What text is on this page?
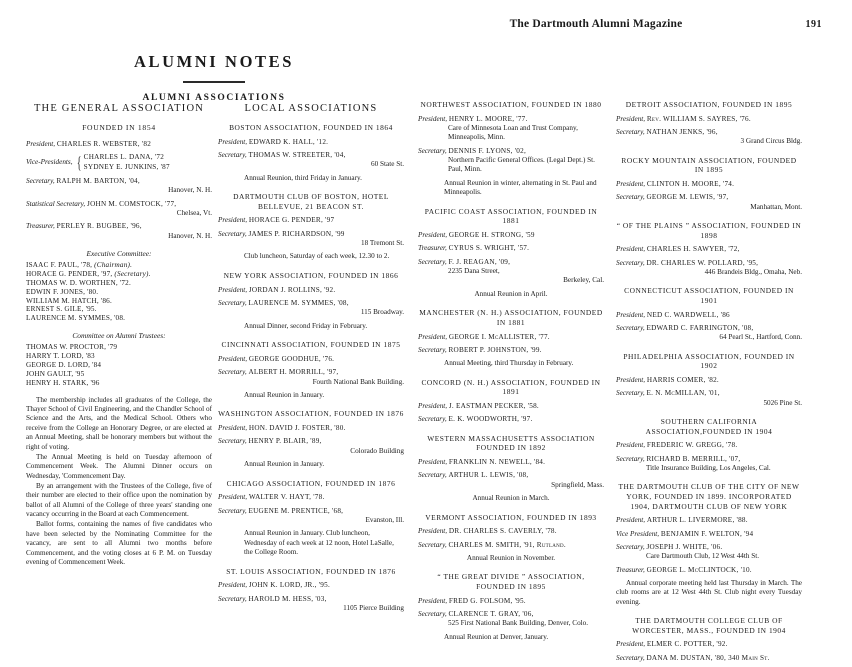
The Dartmouth Alumni Magazine	191
ALUMNI NOTES
ALUMNI ASSOCIATIONS
THE GENERAL ASSOCIATION
FOUNDED IN 1854
President, CHARLES R. WEBSTER, '82
Vice-Presidents, { CHARLES L. DANA, '72
SYDNEY E. JUNKINS, '87
Secretary, RALPH M. BARTON, '04,
Hanover, N. H.
Statistical Secretary, JOHN M. COMSTOCK, '77,
Chelsea, Vt.
Treasurer, PERLEY R. BUGBEE, '96,
Hanover, N. H.
Executive Committee:
ISAAC F. PAUL, '78, (Chairman).
HORACE G. PENDER, '97, (Secretary).
THOMAS W. D. WORTHEN, '72.
EDWIN F. JONES, '80.
WILLIAM M. HATCH, '86.
ERNEST S. GILE, '95.
LAURENCE M. SYMMES, '08.
Committee on Alumni Trustees:
THOMAS W. PROCTOR, '79
HARRY T. LORD, '83
GEORGE D. LORD, '84
JOHN GAULT, '95
HENRY H. STARK, '96
The membership includes all graduates of the College, the Thayer School of Civil Engineering, and the Chandler School of Science and the Arts, and the Medical School. Others who receive from the College an Honorary Degree, or are elected at an Annual Meeting, shall be honorary members but without the right of voting.
The Annual Meeting is held on Tuesday afternoon of Commencement Week. The Alumni Dinner occurs on Wednesday, 'Commencement Day.
By an arrangement with the Trustees of the College, five of their number are elected to their office upon the nomination by ballot of all Alumni of the College of three years' standing one vacancy occurring in the Board at each Commencement.
Ballot forms, containing the names of five candidates who have been selected by the Nominating Committee for the vacancy, are sent to all Alumni two months before Commencement, and the voting closes at 6 P. M. on Tuesday evening of Commencement Week.
LOCAL ASSOCIATIONS
BOSTON ASSOCIATION, FOUNDED IN 1864
President, EDWARD K. HALL, '12.
Secretary, THOMAS W. STREETER, '04,
60 State St.
Annual Reunion, third Friday in January.
DARTMOUTH CLUB OF BOSTON, HOTEL BELLEVUE, 21 BEACON ST.
President, HORACE G. PENDER, '97
Secretary, JAMES P. RICHARDSON, '99
18 Tremont St.
Club luncheon, Saturday of each week, 12.30 to 2.
NEW YORK ASSOCIATION, FOUNDED IN 1866
President, JORDAN J. ROLLINS, '92.
Secretary, LAURENCE M. SYMMES, '08,
115 Broadway.
Annual Dinner, second Friday in February.
CINCINNATI ASSOCIATION, FOUNDED IN 1875
President, GEORGE GOODHUE, '76.
Secretary, ALBERT H. MORRILL, '97,
Fourth National Bank Building.
Annual Reunion in January.
WASHINGTON ASSOCIATION, FOUNDED IN 1876
President, HON. DAVID J. FOSTER, '80.
Secretary, HENRY P. BLAIR, '89,
Colorado Building
Annual Reunion in January.
CHICAGO ASSOCIATION, FOUNDED IN 1876
President, WALTER V. HAYT, '78.
Secretary, EUGENE M. PRENTICE, '68,
Evanston, Ill.
Annual Reunion in January. Club luncheon, Wednesday of each week at 12 noon, Hotel LaSalle, the College Room.
ST. LOUIS ASSOCIATION, FOUNDED IN 1876
President, JOHN K. LORD, JR., '95.
Secretary, HAROLD M. HESS, '03,
1105 Pierce Building
NORTHWEST ASSOCIATION, FOUNDED IN 1880
President, HENRY L. MOORE, '77.
Care of Minnesota Loan and Trust Company, Minneapolis, Minn.
Secretary, DENNIS F. LYONS, '02,
Northern Pacific General Offices. (Legal Dept.) St. Paul, Minn.
Annual Reunion in winter, alternating in St. Paul and Minneapolis.
PACIFIC COAST ASSOCIATION, FOUNDED IN 1881
President, GEORGE H. STRONG, '59
Treasurer, CYRUS S. WRIGHT, '57.
Secretary, F. J. REAGAN, '09,
2235 Dana Street,
Berkeley, Cal.
Annual Reunion in April.
MANCHESTER (N. H.) ASSOCIATION, FOUNDED IN 1881
President, GEORGE I. McALLISTER, '77.
Secretary, ROBERT P. JOHNSTON, '99.
Annual Meeting, third Thursday in February.
CONCORD (N. H.) ASSOCIATION, FOUNDED IN 1891
President, J. EASTMAN PECKER, '58.
Secretary, E. K. WOODWORTH, '97.
WESTERN MASSACHUSETTS ASSOCIATION FOUNDED IN 1892
President, FRANKLIN N. NEWELL, '84.
Secretary, ARTHUR L. LEWIS, '08,
Springfield, Mass.
Annual Reunion in March.
VERMONT ASSOCIATION, FOUNDED IN 1893
President, DR. CHARLES S. CAVERLY, '78.
Secretary, CHARLES M. SMITH, '91, Rutland.
Annual Reunion in November.
“ THE GREAT DIVIDE ” ASSOCIATION, FOUNDED IN 1895
President, FRED G. FOLSOM, '95.
Secretary, CLARENCE T. GRAY, '06,
525 First National Bank Building, Denver, Colo.
Annual Reunion at Denver, January.
DETROIT ASSOCIATION, FOUNDED IN 1895
President, Rev. WILLIAM S. SAYRES, '76.
Secretary, NATHAN JENKS, '96,
3 Grand Circus Bldg.
ROCKY MOUNTAIN ASSOCIATION, FOUNDED IN 1895
President, CLINTON H. MOORE, '74.
Secretary, GEORGE M. LEWIS, '97,
Manhattan, Mont.
“ OF THE PLAINS ” ASSOCIATION, FOUNDED IN 1898
President, CHARLES H. SAWYER, '72,
Secretary, DR. CHARLES W. POLLARD, '95,
446 Brandeis Bldg., Omaha, Neb.
CONNECTICUT ASSOCIATION, FOUNDED IN 1901
President, NED C. WARDWELL, '86
Secretary, EDWARD C. FARRINGTON, '08,
64 Pearl St., Hartford, Conn.
PHILADELPHIA ASSOCIATION, FOUNDED IN 1902
President, HARRIS COMER, '82.
Secretary, E. N. McMILLAN, '01,
5026 Pine St.
SOUTHERN CALIFORNIA ASSOCIATION,FOUNDED IN 1904
President, FREDERIC W. GREGG, '78.
Secretary, RICHARD B. MERRILL, '07,
Title Insurance Building, Los Angeles, Cal.
THE DARTMOUTH CLUB OF THE CITY OF NEW YORK, FOUNDED IN 1899. INCORPORATED 1904, DARTMOUTH CLUB OF NEW YORK
President, ARTHUR L. LIVERMORE, '88.
Vice President, BENJAMIN F. WELTON, '94
Secretary, JOSEPH J. WHITE, '06.
Care Dartmouth Club, 12 West 44th St.
Treasurer, GEORGE L. McCLINTOCK, '10.
Annual corporate meeting held last Thursday in March. The club rooms are at 12 West 44th St. Club night every Tuesday evening.
THE DARTMOUTH COLLEGE CLUB OF WORCESTER, MASS., FOUNDED IN 1904
President, ELMER C. POTTER, '92.
Secretary, DANA M. DUSTAN, '80, 340 Main St.
